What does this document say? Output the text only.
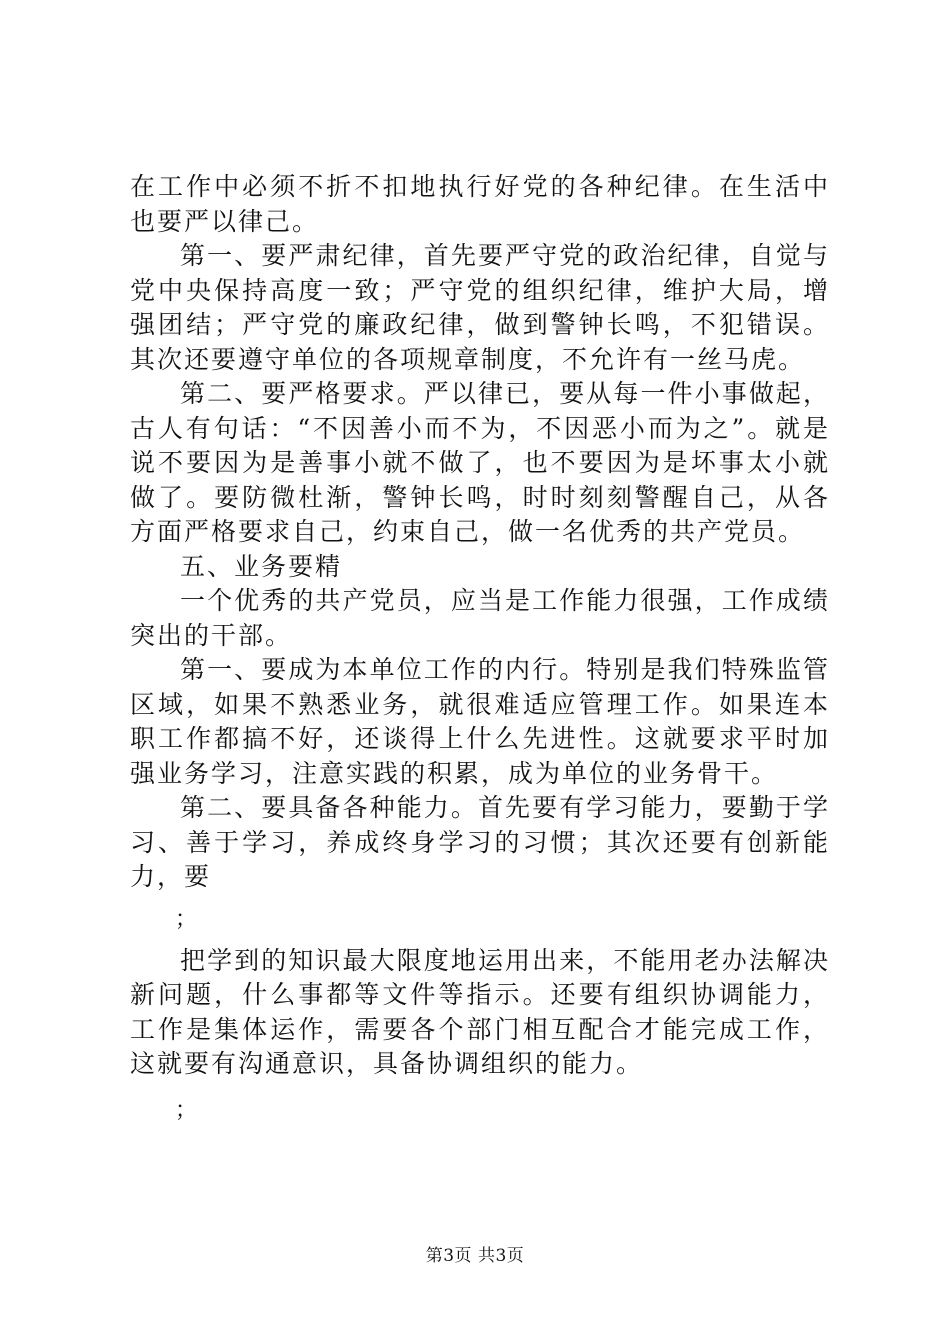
在工作中必须不折不扣地执行好党的各种纪律。在生活中也要严以律己。

第一、要严肃纪律，首先要严守党的政治纪律，自觉与党中央保持高度一致；严守党的组织纪律，维护大局，增强团结；严守党的廉政纪律，做到警钟长鸣，不犯错误。其次还要遵守单位的各项规章制度，不允许有一丝马虎。

第二、要严格要求。严以律已，要从每一件小事做起，古人有句话：“不因善小而不为，不因恶小而为之”。就是说不要因为是善事小就不做了，也不要因为是坏事太小就做了。要防微杜渐，警钟长鸣，时时刻刻警醒自己，从各方面严格要求自己，约束自己，做一名优秀的共产党员。

五、业务要精

一个优秀的共产党员，应当是工作能力很强，工作成绩突出的干部。

第一、要成为本单位工作的内行。特别是我们特殊监管区域，如果不熟悉业务，就很难适应管理工作。如果连本职工作都搞不好，还谈得上什么先进性。这就要求平时加强业务学习，注意实践的积累，成为单位的业务骨干。

第二、要具备各种能力。首先要有学习能力，要勤于学习、善于学习，养成终身学习的习惯；其次还要有创新能力，要

；

把学到的知识最大限度地运用出来，不能用老办法解决新问题，什么事都等文件等指示。还要有组织协调能力，工作是集体运作，需要各个部门相互配合才能完成工作，这就要有沟通意识，具备协调组织的能力。

；

第3页 共3页
